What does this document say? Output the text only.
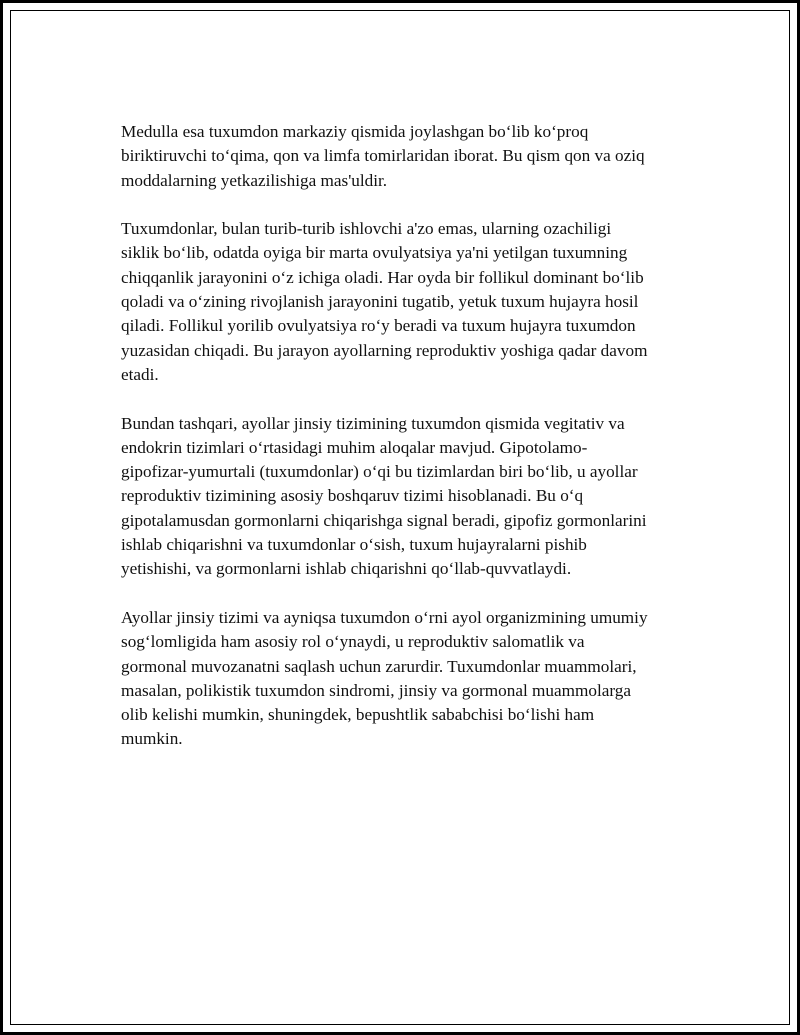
Medulla esa tuxumdon markaziy qismida joylashgan boʻlib koʻproq
biriktiruvchi toʻqima, qon va limfa tomirlaridan iborat. Bu qism qon va oziq
moddalarning yetkazilishiga mas'uldir.

Tuxumdonlar, bulan turib-turib ishlovchi a'zo emas, ularning ozachiligi
siklik boʻlib, odatda oyiga bir marta ovulyatsiya ya'ni yetilgan tuxumning
chiqqanlik jarayonini oʻz ichiga oladi. Har oyda bir follikul dominant boʻlib
qoladi va oʻzining rivojlanish jarayonini tugatib, yetuk tuxum hujayra hosil
qiladi. Follikul yorilib ovulyatsiya roʻy beradi va tuxum hujayra tuxumdon
yuzasidan chiqadi. Bu jarayon ayollarning reproduktiv yoshiga qadar davom
etadi.

Bundan tashqari, ayollar jinsiy tizimining tuxumdon qismida vegitativ va
endokrin tizimlari oʻrtasidagi muhim aloqalar mavjud. Gipotolamo-
gipofizar-yumurtali (tuxumdonlar) oʻqi bu tizimlardan biri boʻlib, u ayollar
reproduktiv tizimining asosiy boshqaruv tizimi hisoblanadi. Bu oʻq
gipotalamusdan gormonlarni chiqarishga signal beradi, gipofiz gormonlarini
ishlab chiqarishni va tuxumdonlar oʻsish, tuxum hujayralarni pishib
yetishishi, va gormonlarni ishlab chiqarishni qoʻllab-quvvatlaydi.

Ayollar jinsiy tizimi va ayniqsa tuxumdon oʻrni ayol organizmining umumiy
sogʻlomligida ham asosiy rol oʻynaydi, u reproduktiv salomatlik va
gormonal muvozanatni saqlash uchun zarurdir. Tuxumdonlar muammolari,
masalan, polikistik tuxumdon sindromi, jinsiy va gormonal muammolarga
olib kelishi mumkin, shuningdek, bepushtlik sababchisi boʻlishi ham
mumkin.
